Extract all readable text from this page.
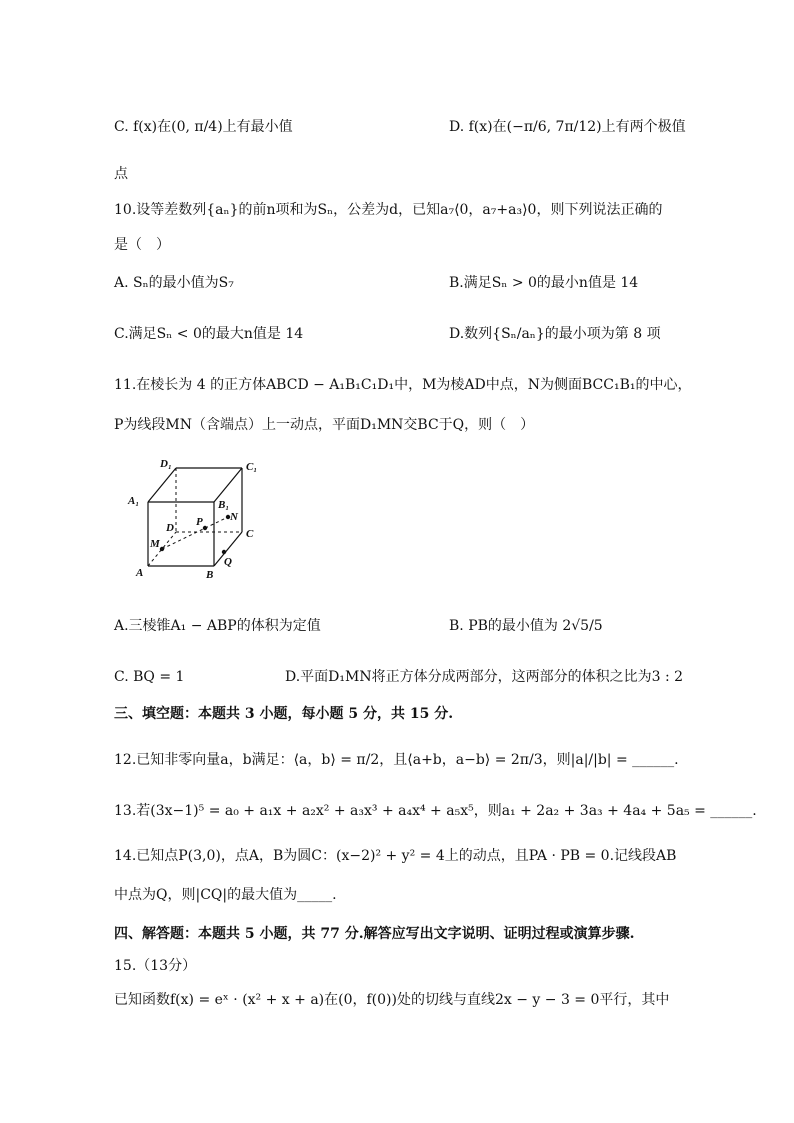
C. f(x)在(0, π/4)上有最小值	D. f(x)在(−π/6, 7π/12)上有两个极值
点
10.设等差数列{aₙ}的前n项和为Sₙ，公差为d，已知a₇⟨0，a₇+a₃⟩0，则下列说法正确的
是（　）
A. Sₙ的最小值为S₇	B.满足Sₙ > 0的最小n值是 14
C.满足Sₙ < 0的最大n值是 14	D.数列{Sₙ/aₙ}的最小项为第 8 项
11.在棱长为 4 的正方体ABCD − A₁B₁C₁D₁中，M为棱AD中点，N为侧面BCC₁B₁的中心，
P为线段MN（含端点）上一动点，平面D₁MN交BC于Q，则（　）
D₁	C₁
A₁	B₁
D P N
C
M
A	B
Q
A.三棱锥A₁ − ABP的体积为定值	B. PB的最小值为 2√5/5
C. BQ = 1	D.平面D₁MN将正方体分成两部分，这两部分的体积之比为3 : 2
三、填空题：本题共 3 小题，每小题 5 分，共 15 分.
12.已知非零向量a，b满足：⟨a，b⟩ = π/2，且⟨a+b，a−b⟩ = 2π/3，则|a|/|b| = ______.
13.若(3x−1)⁵ = a₀ + a₁x + a₂x² + a₃x³ + a₄x⁴ + a₅x⁵，则a₁ + 2a₂ + 3a₃ + 4a₄ + 5a₅ = ______.
14.已知点P(3,0)，点A，B为圆C：(x−2)² + y² = 4上的动点，且PA · PB = 0.记线段AB
中点为Q，则|CQ|的最大值为_____.
四、解答题：本题共 5 小题，共 77 分.解答应写出文字说明、证明过程或演算步骤.
15.（13分）
已知函数f(x) = eˣ · (x² + x + a)在(0，f(0))处的切线与直线2x − y − 3 = 0平行，其中
